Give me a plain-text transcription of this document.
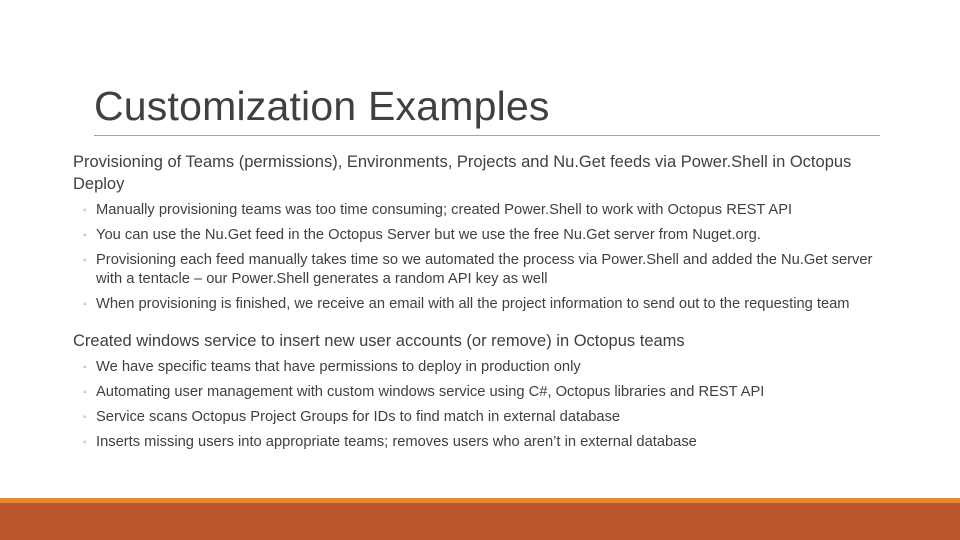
Customization Examples

Provisioning of Teams (permissions), Environments, Projects and Nu.Get feeds via Power.Shell in Octopus Deploy

◦ Manually provisioning teams was too time consuming; created Power.Shell to work with Octopus REST API
◦ You can use the Nu.Get feed in the Octopus Server but we use the free Nu.Get server from Nuget.org.
◦ Provisioning each feed manually takes time so we automated the process via Power.Shell and added the Nu.Get server with a tentacle – our Power.Shell generates a random API key as well
◦ When provisioning is finished, we receive an email with all the project information to send out to the requesting team

Created windows service to insert new user accounts (or remove) in Octopus teams

◦ We have specific teams that have permissions to deploy in production only
◦ Automating user management with custom windows service using C#, Octopus libraries and REST API
◦ Service scans Octopus Project Groups for IDs to find match in external database
◦ Inserts missing users into appropriate teams; removes users who aren’t in external database
